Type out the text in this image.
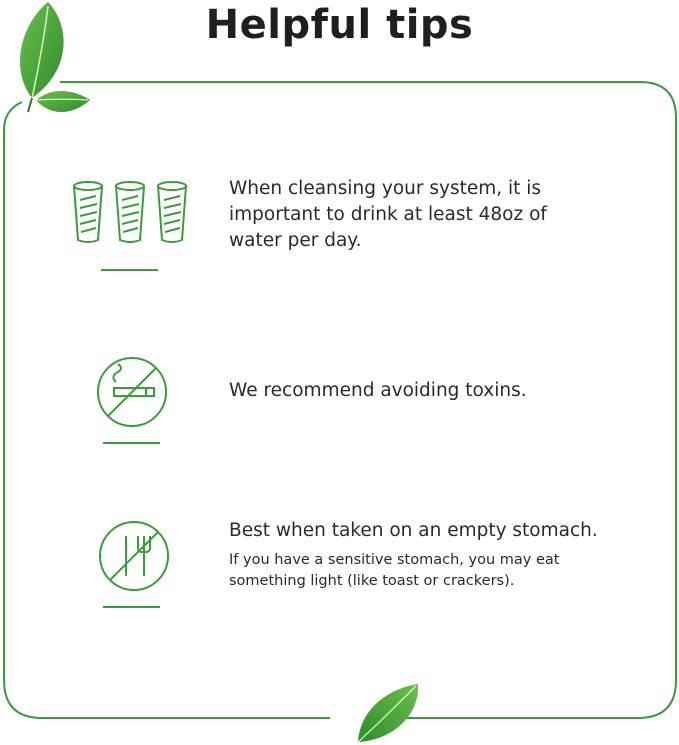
Helpful tips
When cleansing your system, it is important to drink at least 48oz of water per day.
We recommend avoiding toxins.
Best when taken on an empty stomach.
If you have a sensitive stomach, you may eat something light (like toast or crackers).
